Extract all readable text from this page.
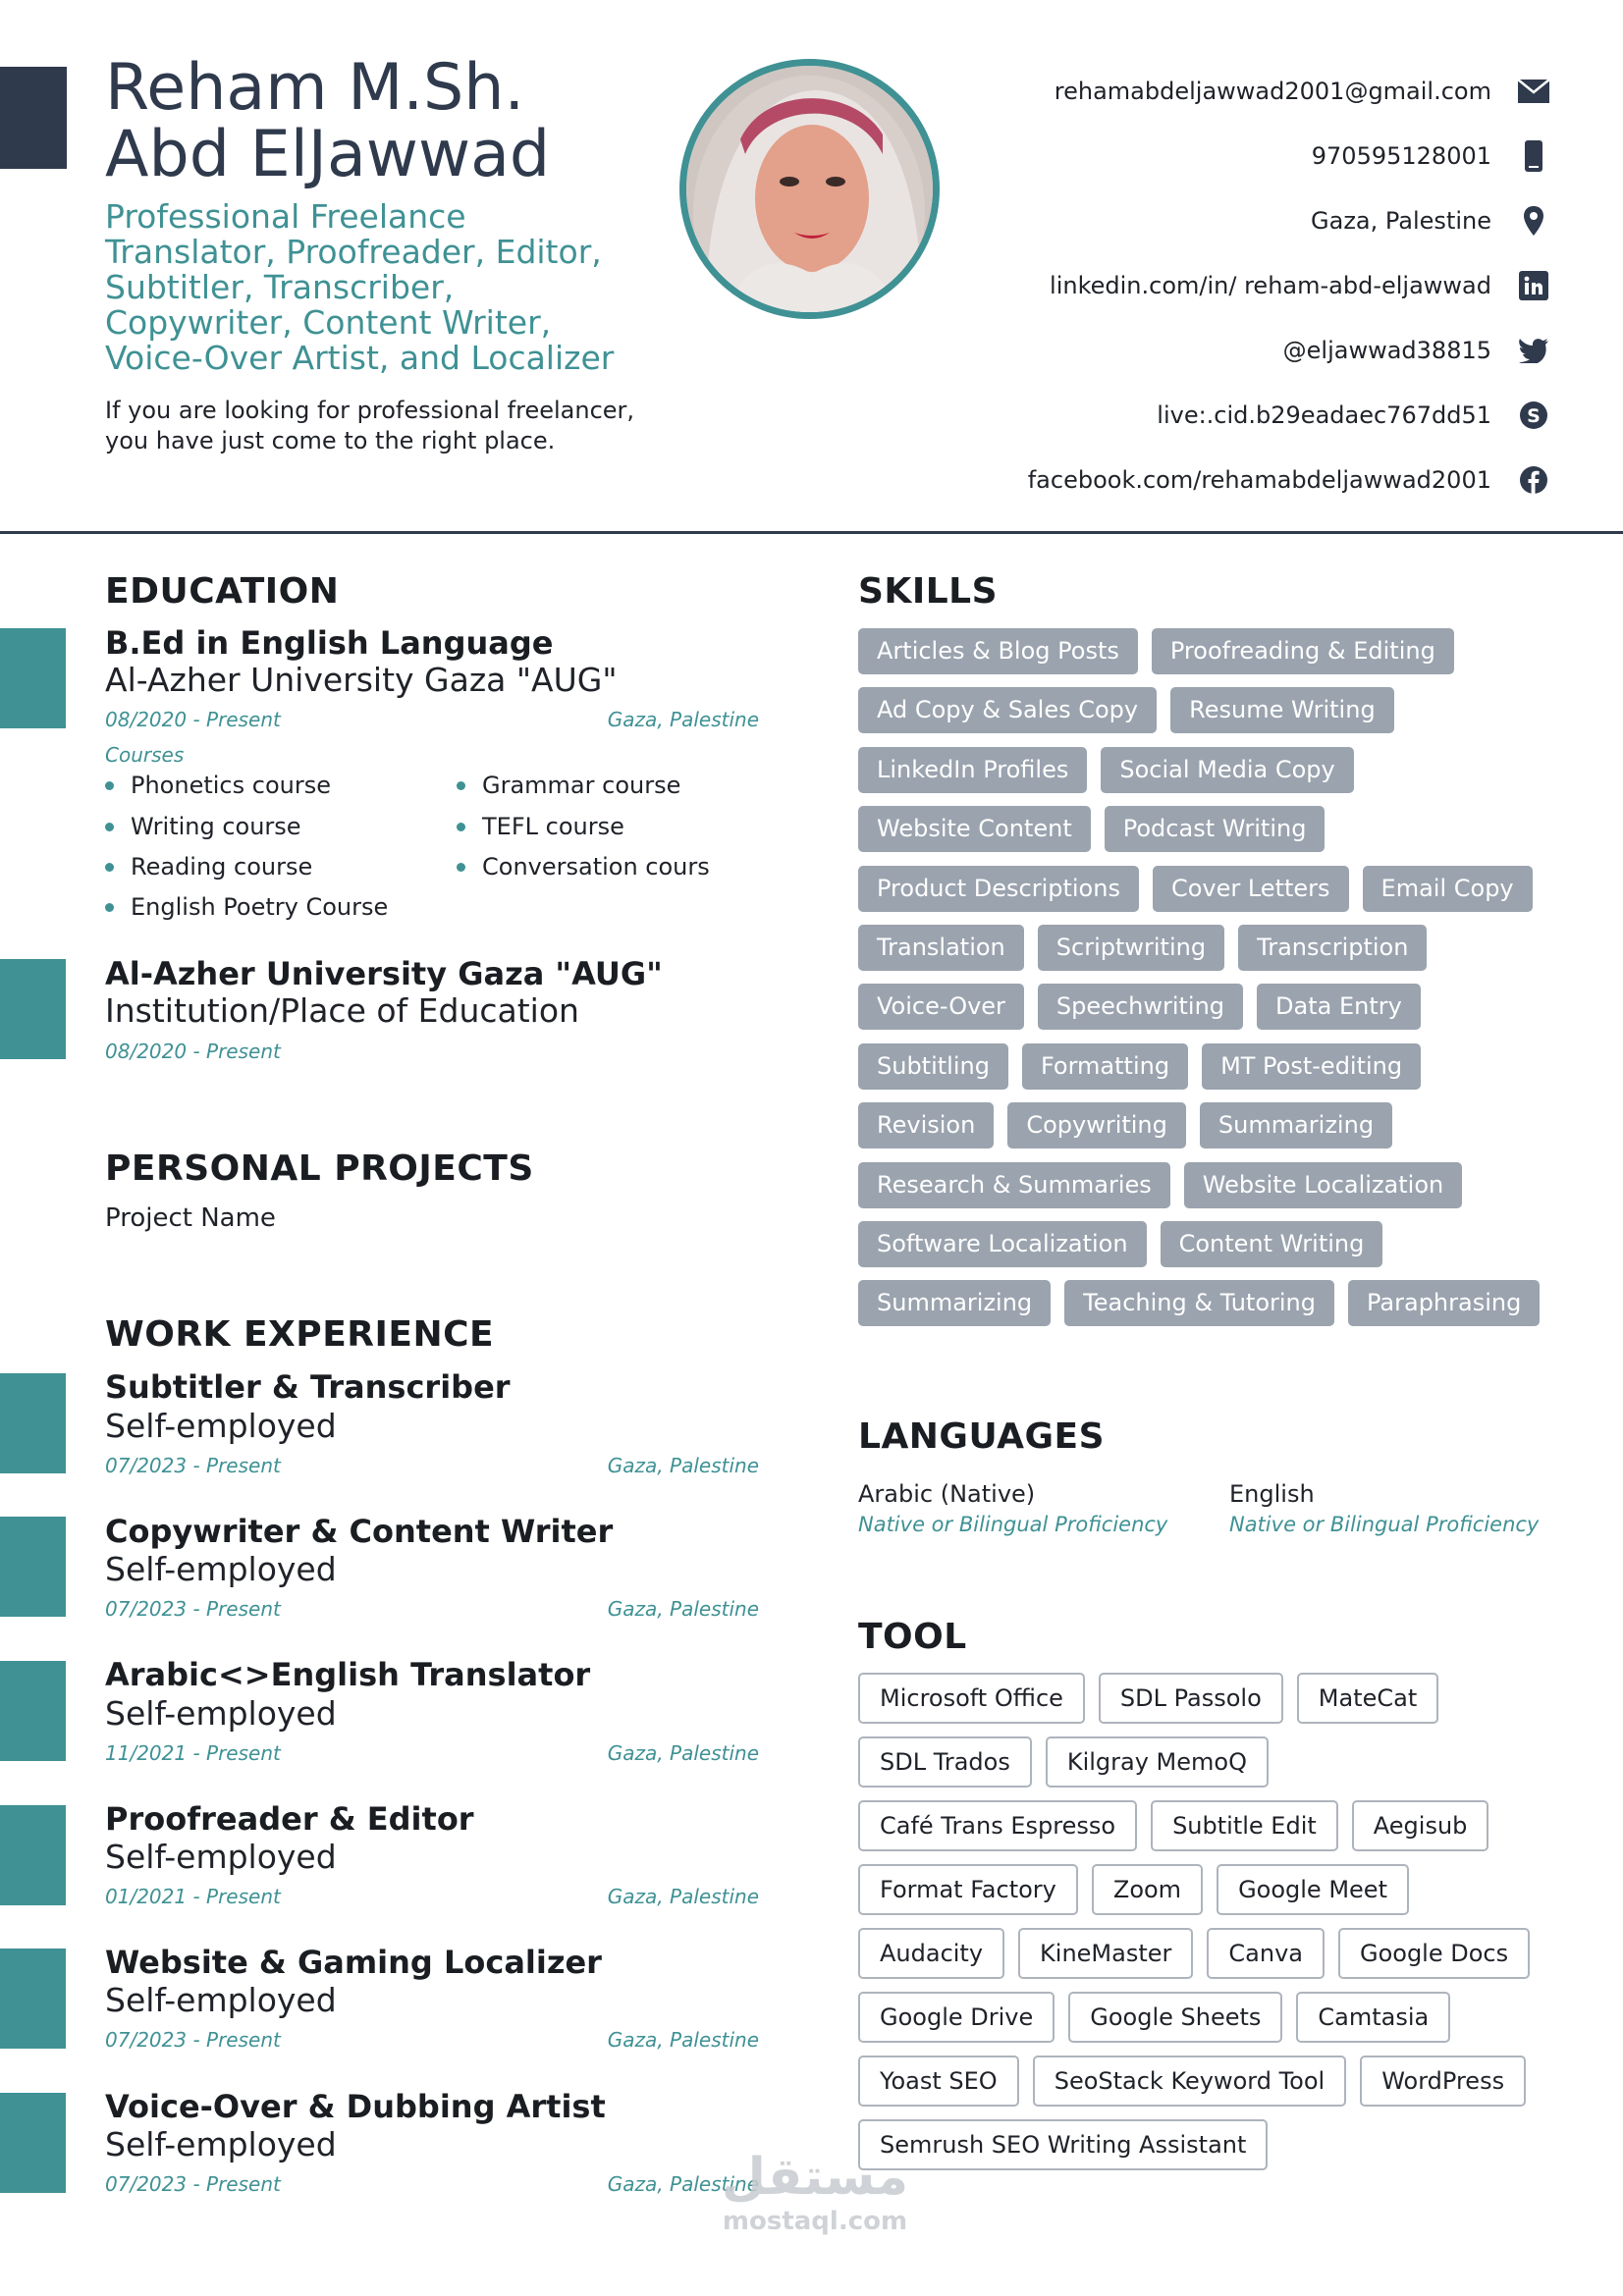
Reham M.Sh. Abd ElJawwad
Professional Freelance Translator, Proofreader, Editor, Subtitler, Transcriber, Copywriter, Content Writer, Voice-Over Artist, and Localizer
If you are looking for professional freelancer, you have just come to the right place.
rehamabdeljawwad2001@gmail.com
970595128001
Gaza, Palestine
linkedin.com/in/ reham-abd-eljawwad
@eljawwad38815
live:.cid.b29eadaec767dd51 S
facebook.com/rehamabdeljawwad2001
EDUCATION
B.Ed in English Language
Al-Azher University Gaza "AUG"
08/2020 - Present	Gaza, Palestine
Courses
Phonetics course
Writing course
Reading course
English Poetry Course
Grammar course
TEFL course
Conversation cours
Al-Azher University Gaza "AUG"
Institution/Place of Education
08/2020 - Present
PERSONAL PROJECTS
Project Name
WORK EXPERIENCE
Subtitler & Transcriber
Self-employed
07/2023 - Present	Gaza, Palestine
Copywriter & Content Writer
Self-employed
07/2023 - Present	Gaza, Palestine
Arabic<>English Translator
Self-employed
11/2021 - Present	Gaza, Palestine
Proofreader & Editor
Self-employed
01/2021 - Present	Gaza, Palestine
Website & Gaming Localizer
Self-employed
07/2023 - Present	Gaza, Palestine
Voice-Over & Dubbing Artist
Self-employed
07/2023 - Present	Gaza, Palestine
SKILLS
Articles & Blog Posts	Proofreading & Editing
Ad Copy & Sales Copy	Resume Writing
LinkedIn Profiles	Social Media Copy
Website Content	Podcast Writing
Product Descriptions	Cover Letters	Email Copy
Translation	Scriptwriting	Transcription
Voice-Over	Speechwriting	Data Entry
Subtitling	Formatting	MT Post-editing
Revision	Copywriting	Summarizing
Research & Summaries	Website Localization
Software Localization	Content Writing
Summarizing	Teaching & Tutoring	Paraphrasing
LANGUAGES
Arabic (Native)
Native or Bilingual Proficiency
English
Native or Bilingual Proficiency
TOOL
Microsoft Office	SDL Passolo	MateCat
SDL Trados	Kilgray MemoQ
Café Trans Espresso	Subtitle Edit	Aegisub
Format Factory	Zoom	Google Meet
Audacity	KineMaster	Canva	Google Docs
Google Drive	Google Sheets	Camtasia
Yoast SEO	SeoStack Keyword Tool	WordPress
Semrush SEO Writing Assistant
مستقل
mostaql.com
